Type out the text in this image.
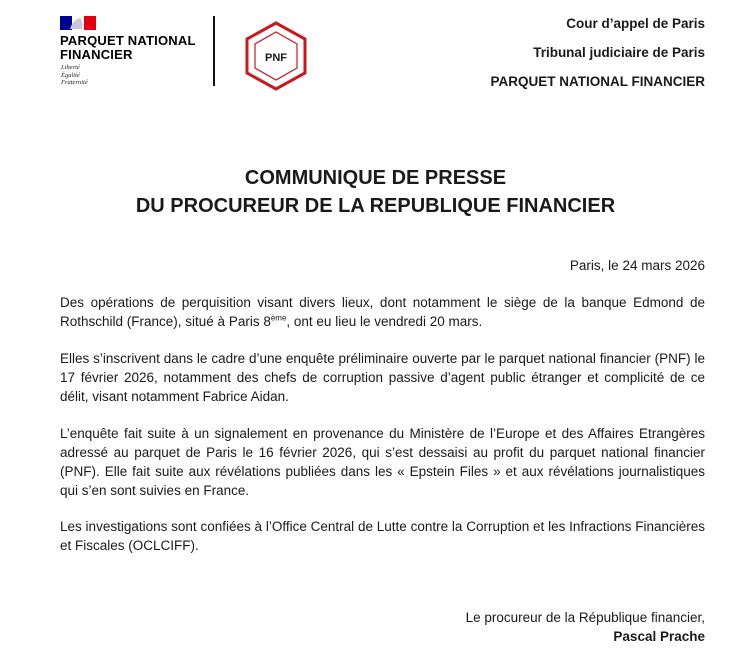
PARQUET NATIONAL
FINANCIER
Liberté
Égalité
Fraternité
PNF
Cour d’appel de Paris
Tribunal judiciaire de Paris
PARQUET NATIONAL FINANCIER
COMMUNIQUE DE PRESSE
DU PROCUREUR DE LA REPUBLIQUE FINANCIER
Paris, le 24 mars 2026
Des opérations de perquisition visant divers lieux, dont notamment le siège de la banque Edmond de Rothschild (France), situé à Paris 8ème, ont eu lieu le vendredi 20 mars.
Elles s’inscrivent dans le cadre d’une enquête préliminaire ouverte par le parquet national financier (PNF) le 17 février 2026, notamment des chefs de corruption passive d’agent public étranger et complicité de ce délit, visant notamment Fabrice Aidan.
L’enquête fait suite à un signalement en provenance du Ministère de l’Europe et des Affaires Etrangères adressé au parquet de Paris le 16 février 2026, qui s’est dessaisi au profit du parquet national financier (PNF). Elle fait suite aux révélations publiées dans les « Epstein Files » et aux révélations journalistiques qui s’en sont suivies en France.
Les investigations sont confiées à l’Office Central de Lutte contre la Corruption et les Infractions Financières et Fiscales (OCLCIFF).
Le procureur de la République financier,
Pascal Prache
